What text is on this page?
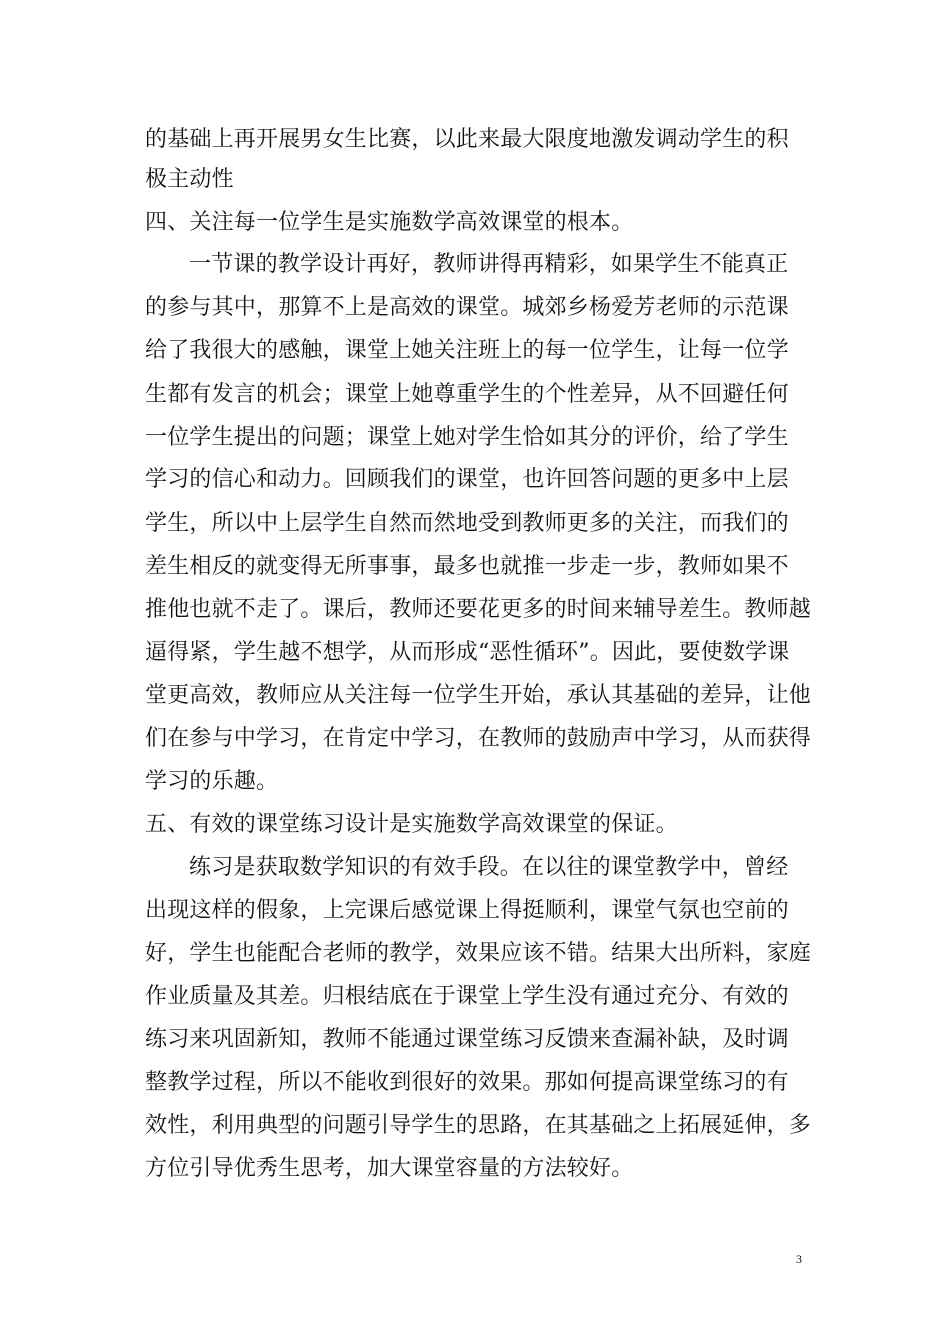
的基础上再开展男女生比赛，以此来最大限度地激发调动学生的积
极主动性
四、关注每一位学生是实施数学高效课堂的根本。
一节课的教学设计再好，教师讲得再精彩，如果学生不能真正
的参与其中，那算不上是高效的课堂。城郊乡杨爱芳老师的示范课
给了我很大的感触，课堂上她关注班上的每一位学生，让每一位学
生都有发言的机会；课堂上她尊重学生的个性差异，从不回避任何
一位学生提出的问题；课堂上她对学生恰如其分的评价，给了学生
学习的信心和动力。回顾我们的课堂，也许回答问题的更多中上层
学生，所以中上层学生自然而然地受到教师更多的关注，而我们的
差生相反的就变得无所事事，最多也就推一步走一步，教师如果不
推他也就不走了。课后，教师还要花更多的时间来辅导差生。教师越
逼得紧，学生越不想学，从而形成“恶性循环”。因此，要使数学课
堂更高效，教师应从关注每一位学生开始，承认其基础的差异，让他
们在参与中学习，在肯定中学习，在教师的鼓励声中学习，从而获得
学习的乐趣。
五、有效的课堂练习设计是实施数学高效课堂的保证。
练习是获取数学知识的有效手段。在以往的课堂教学中，曾经
出现这样的假象，上完课后感觉课上得挺顺利，课堂气氛也空前的
好，学生也能配合老师的教学，效果应该不错。结果大出所料，家庭
作业质量及其差。归根结底在于课堂上学生没有通过充分、有效的
练习来巩固新知，教师不能通过课堂练习反馈来查漏补缺，及时调
整教学过程，所以不能收到很好的效果。那如何提高课堂练习的有
效性，利用典型的问题引导学生的思路，在其基础之上拓展延伸，多
方位引导优秀生思考，加大课堂容量的方法较好。
3
